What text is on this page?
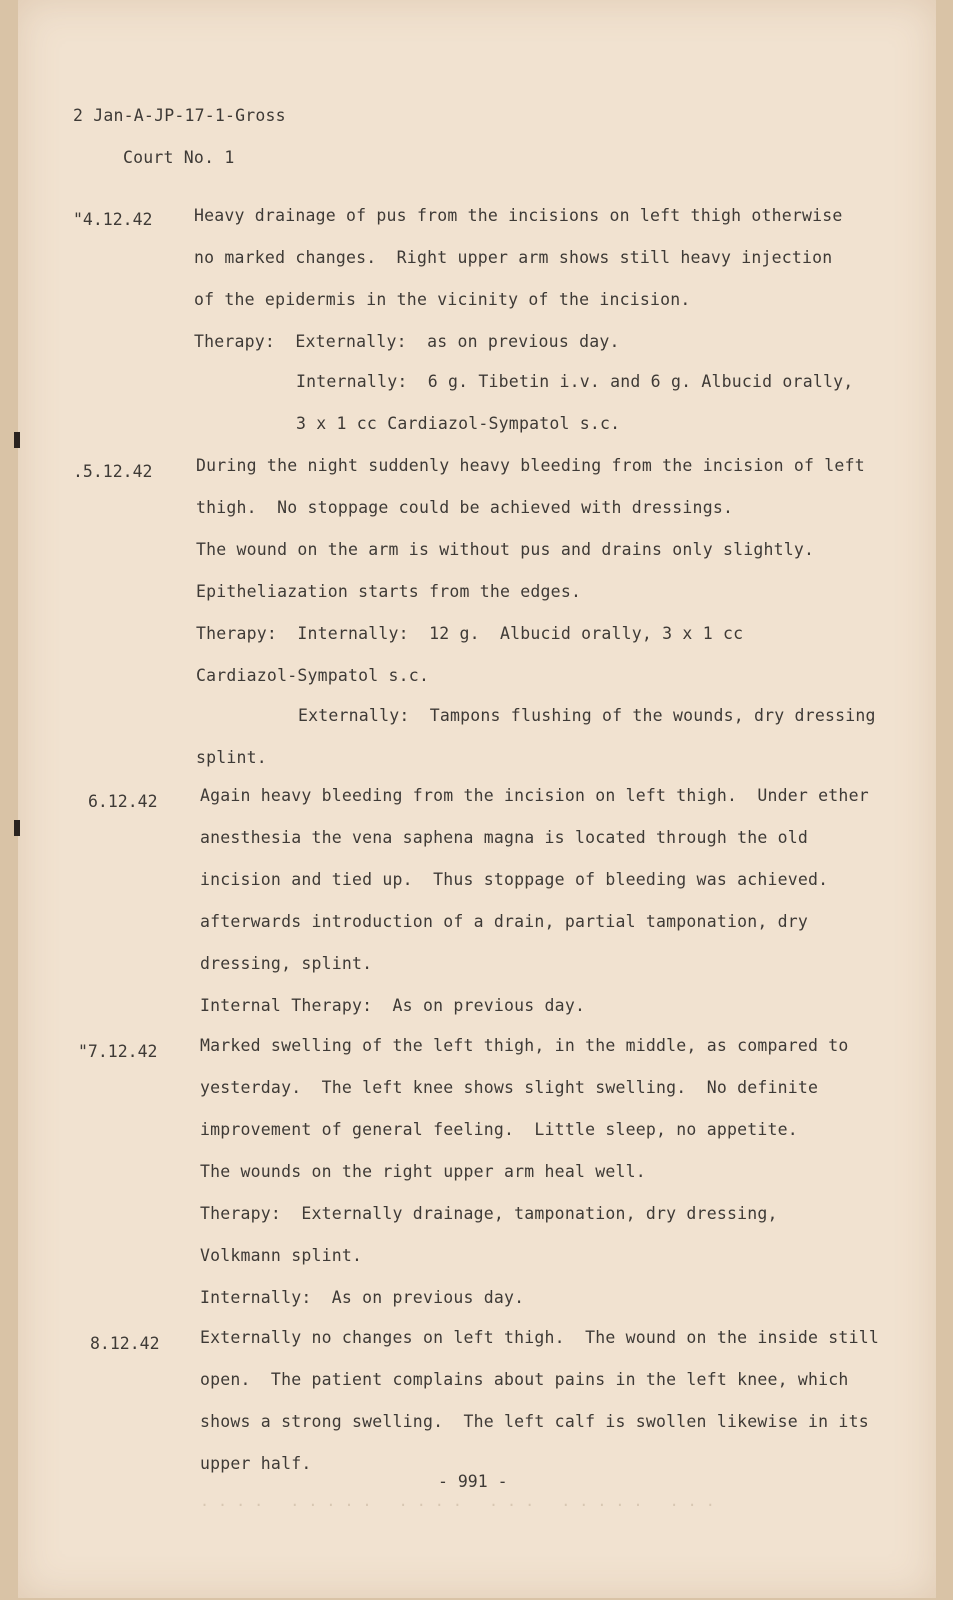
2 Jan-A-JP-17-1-Gross
Court No. 1
"4.12.42	Heavy drainage of pus from the incisions on left thigh otherwise
no marked changes.  Right upper arm shows still heavy injection
of the epidermis in the vicinity of the incision.
Therapy:  Externally:  as on previous day.
Internally:  6 g. Tibetin i.v. and 6 g. Albucid orally,
3 x 1 cc Cardiazol-Sympatol s.c.
.5.12.42	During the night suddenly heavy bleeding from the incision of left
thigh.  No stoppage could be achieved with dressings.
The wound on the arm is without pus and drains only slightly.
Epitheliazation starts from the edges.
Therapy:  Internally:  12 g.  Albucid orally, 3 x 1 cc
Cardiazol-Sympatol s.c.
Externally:  Tampons flushing of the wounds, dry dressing
splint.
6.12.42	Again heavy bleeding from the incision on left thigh.  Under ether
anesthesia the vena saphena magna is located through the old
incision and tied up.  Thus stoppage of bleeding was achieved.
afterwards introduction of a drain, partial tamponation, dry
dressing, splint.
Internal Therapy:  As on previous day.
"7.12.42	Marked swelling of the left thigh, in the middle, as compared to
yesterday.  The left knee shows slight swelling.  No definite
improvement of general feeling.  Little sleep, no appetite.
The wounds on the right upper arm heal well.
Therapy:  Externally drainage, tamponation, dry dressing,
Volkmann splint.
Internally:  As on previous day.
8.12.42 Externally no changes on left thigh.  The wound on the inside still
open.  The patient complains about pains in the left knee, which
shows a strong swelling.  The left calf is swollen likewise in its
upper half.
- 991 -
. . . .   . . . . .   . . . .   . . .   . . . . .   . . .
